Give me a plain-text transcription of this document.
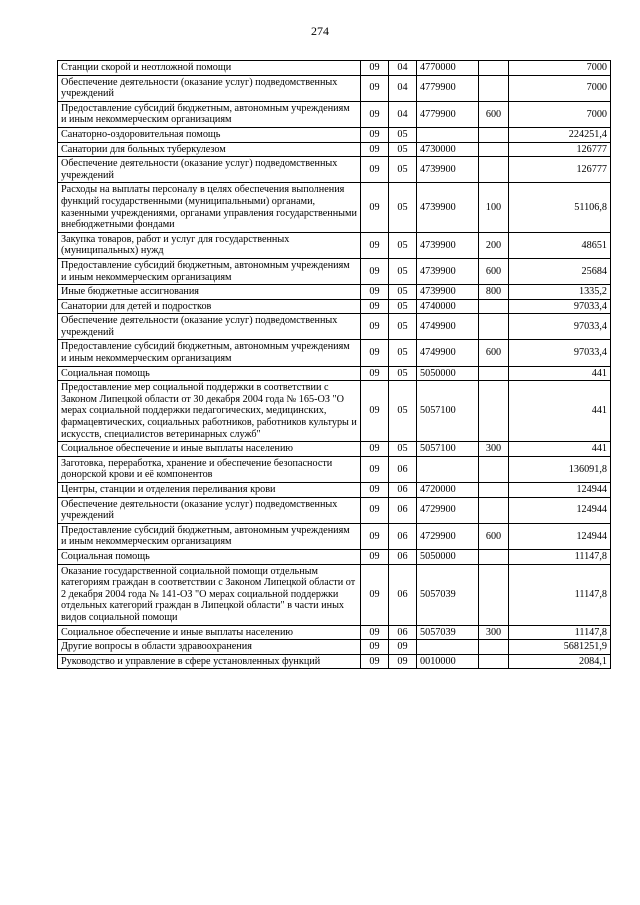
274
Станции скорой и неотложной помощи	09	04	4770000		7000
Обеспечение деятельности (оказание услуг) подведомственных учреждений	09	04	4779900		7000
Предоставление субсидий бюджетным, автономным учреждениям и иным некоммерческим организациям	09	04	4779900	600	7000
Санаторно-оздоровительная помощь	09	05			224251,4
Санатории для больных туберкулезом	09	05	4730000		126777
Обеспечение деятельности (оказание услуг) подведомственных учреждений	09	05	4739900		126777
Расходы на выплаты персоналу в целях обеспечения выполнения функций государственными (муниципальными) органами, казенными учреждениями, органами управления государственными внебюджетными фондами	09	05	4739900	100	51106,8
Закупка товаров, работ и услуг для государственных (муниципальных) нужд	09	05	4739900	200	48651
Предоставление субсидий бюджетным, автономным учреждениям и иным некоммерческим организациям	09	05	4739900	600	25684
Иные бюджетные ассигнования	09	05	4739900	800	1335,2
Санатории для детей и подростков	09	05	4740000		97033,4
Обеспечение деятельности (оказание услуг) подведомственных учреждений	09	05	4749900		97033,4
Предоставление субсидий бюджетным, автономным учреждениям и иным некоммерческим организациям	09	05	4749900	600	97033,4
Социальная помощь	09	05	5050000		441
Предоставление мер социальной поддержки в соответствии с Законом Липецкой области от 30 декабря 2004 года № 165-ОЗ "О мерах социальной поддержки педагогических, медицинских, фармацевтических, социальных работников, работников культуры и искусств, специалистов ветеринарных служб"	09	05	5057100		441
Социальное обеспечение и иные выплаты населению	09	05	5057100	300	441
Заготовка, переработка, хранение и обеспечение безопасности донорской крови и её компонентов	09	06			136091,8
Центры, станции и отделения переливания крови	09	06	4720000		124944
Обеспечение деятельности (оказание услуг) подведомственных учреждений	09	06	4729900		124944
Предоставление субсидий бюджетным, автономным учреждениям и иным некоммерческим организациям	09	06	4729900	600	124944
Социальная помощь	09	06	5050000		11147,8
Оказание государственной социальной помощи отдельным категориям граждан в соответствии с Законом Липецкой области от 2 декабря 2004 года № 141-ОЗ "О мерах социальной поддержки отдельных категорий граждан в Липецкой области" в части иных видов социальной помощи	09	06	5057039		11147,8
Социальное обеспечение и иные выплаты населению	09	06	5057039	300	11147,8
Другие вопросы в области здравоохранения	09	09			5681251,9
Руководство и управление в сфере установленных функций	09	09	0010000		2084,1
